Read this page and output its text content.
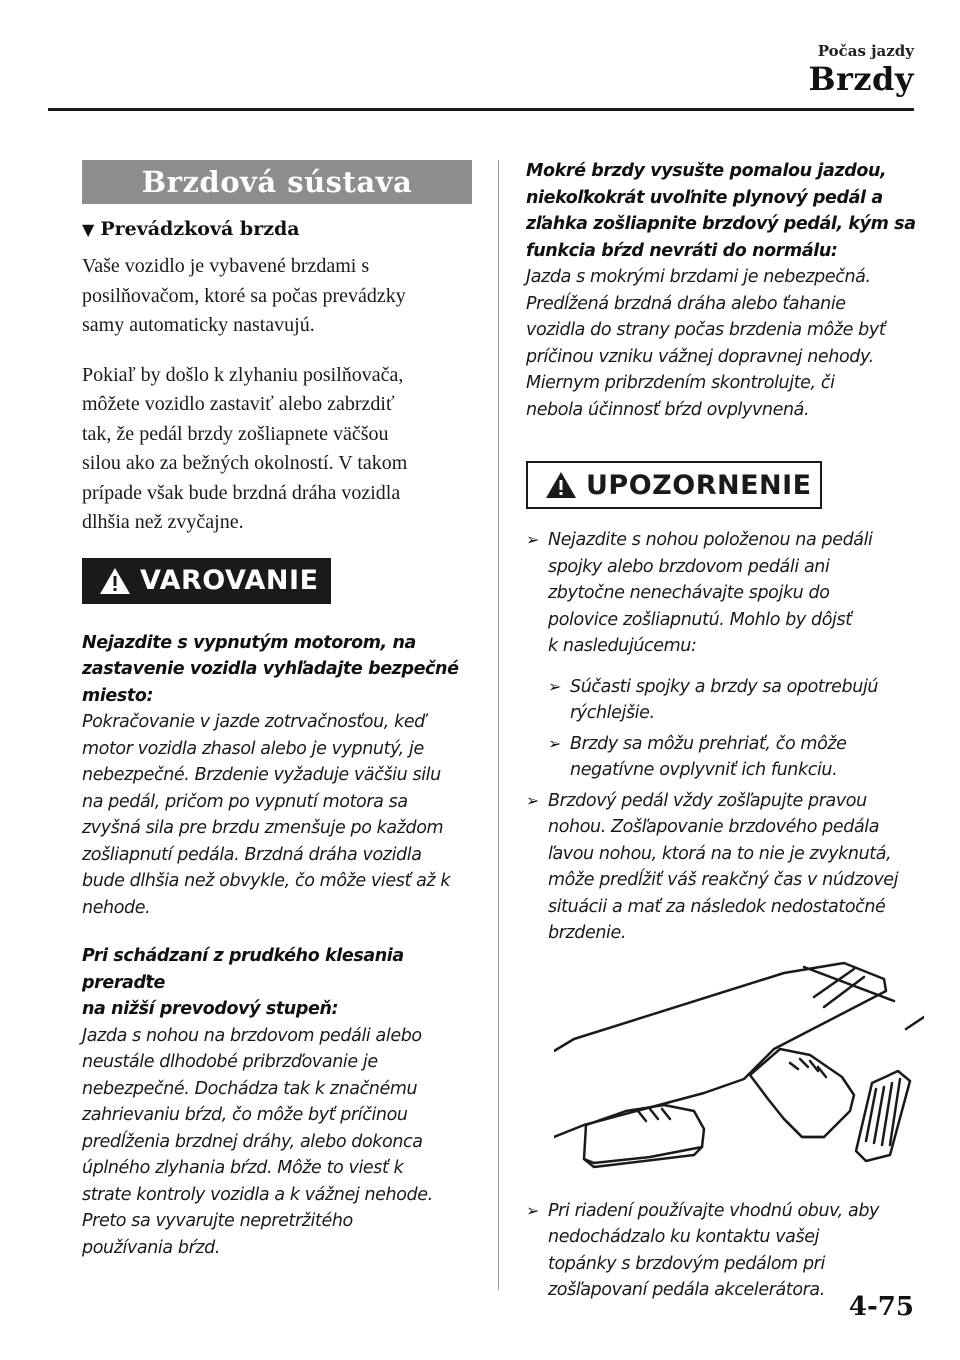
Počas jazdy
Brzdy
Brzdová sústava
▼ Prevádzková brzda

Vaše vozidlo je vybavené brzdami s
posilňovačom, ktoré sa počas prevádzky
samy automaticky nastavujú.

Pokiaľ by došlo k zlyhaniu posilňovača,
môžete vozidlo zastaviť alebo zabrzdiť
tak, že pedál brzdy zošliapnete väčšou
silou ako za bežných okolností. V takom
prípade však bude brzdná dráha vozidla
dlhšia než zvyčajne.

VAROVANIE

Nejazdite s vypnutým motorom, na
zastavenie vozidla vyhľadajte bezpečné
miesto:

Pokračovanie v jazde zotrvačnosťou, keď
motor vozidla zhasol alebo je vypnutý, je
nebezpečné. Brzdenie vyžaduje väčšiu silu
na pedál, pričom po vypnutí motora sa
zvyšná sila pre brzdu zmenšuje po každom
zošliapnutí pedála. Brzdná dráha vozidla
bude dlhšia než obvykle, čo môže viesť až k
nehode.

Pri schádzaní z prudkého klesania preraďte
na nižší prevodový stupeň:

Jazda s nohou na brzdovom pedáli alebo
neustále dlhodobé pribrzďovanie je
nebezpečné. Dochádza tak k značnému
zahrievaniu bŕzd, čo môže byť príčinou
predĺženia brzdnej dráhy, alebo dokonca
úplného zlyhania bŕzd. Môže to viesť k
strate kontroly vozidla a k vážnej nehode.
Preto sa vyvarujte nepretržitého
používania bŕzd.

Mokré brzdy vysušte pomalou jazdou,
niekoľkokrát uvoľnite plynový pedál a
zľahka zošliapnite brzdový pedál, kým sa
funkcia bŕzd nevráti do normálu:

Jazda s mokrými brzdami je nebezpečná.
Predĺžená brzdná dráha alebo ťahanie
vozidla do strany počas brzdenia môže byť
príčinou vzniku vážnej dopravnej nehody.
Miernym pribrzdením skontrolujte, či
nebola účinnosť bŕzd ovplyvnená.

UPOZORNENIE

➢ Nejazdite s nohou položenou na pedáli
spojky alebo brzdovom pedáli ani
zbytočne nenechávajte spojku do
polovice zošliapnutú. Mohlo by dôjsť
k nasledujúcemu:

➢ Súčasti spojky a brzdy sa opotrebujú
rýchlejšie.

➢ Brzdy sa môžu prehriať, čo môže
negatívne ovplyvniť ich funkciu.

➢ Brzdový pedál vždy zošľapujte pravou
nohou. Zošľapovanie brzdového pedála
ľavou nohou, ktorá na to nie je zvyknutá,
môže predĺžiť váš reakčný čas v núdzovej
situácii a mať za následok nedostatočné
brzdenie.

➢ Pri riadení používajte vhodnú obuv, aby
nedochádzalo ku kontaktu vašej
topánky s brzdovým pedálom pri
zošľapovaní pedála akcelerátora.

4-75
